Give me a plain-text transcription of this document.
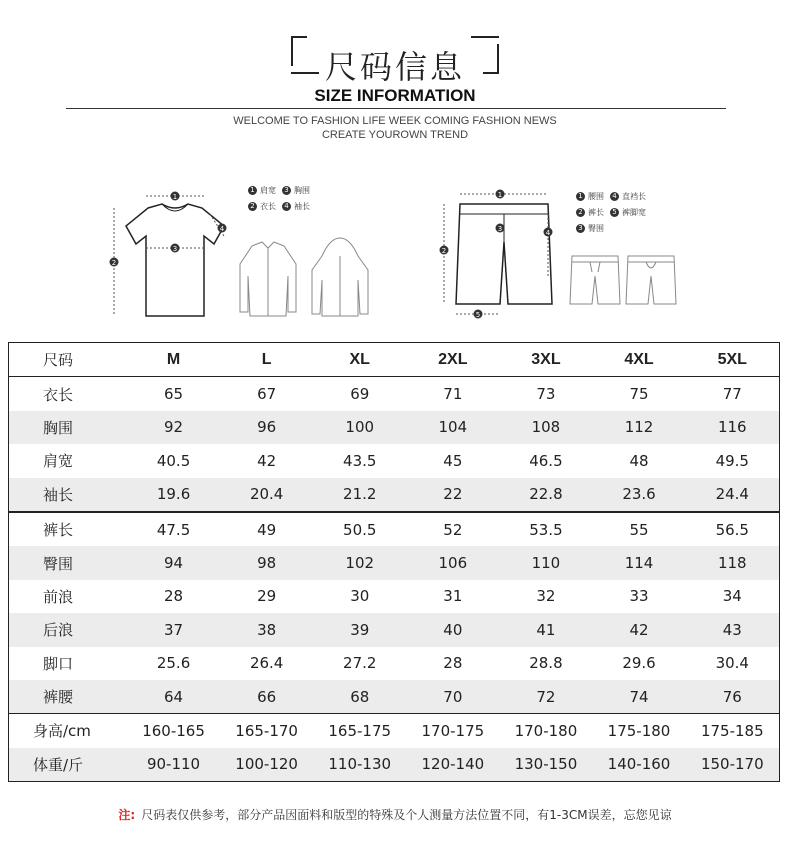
尺码信息
SIZE INFORMATION
WELCOME TO FASHION LIFE WEEK COMING FASHION NEWS
CREATE YOUROWN TREND
1
2
3
4
1 肩宽	3 胸围
2 衣长	4 袖长
1
2
3	4
5
1 腰围	4 直裆长
2 裤长	5 裤脚宽
3 臀围
尺码	M	L	XL	2XL	3XL	4XL	5XL
衣长	65	67	69	71	73	75	77
胸围	92	96	100	104	108	112	116
肩宽	40.5	42	43.5	45	46.5	48	49.5
袖长	19.6	20.4	21.2	22	22.8	23.6	24.4
裤长	47.5	49	50.5	52	53.5	55	56.5
臀围	94	98	102	106	110	114	118
前浪	28	29	30	31	32	33	34
后浪	37	38	39	40	41	42	43
脚口	25.6	26.4	27.2	28	28.8	29.6	30.4
裤腰	64	66	68	70	72	74	76
身高/cm	160-165	165-170	165-175	170-175	170-180	175-180	175-185
体重/斤	90-110	100-120	110-130	120-140	130-150	140-160	150-170
注: 尺码表仅供参考，部分产品因面料和版型的特殊及个人测量方法位置不同，有1-3CM误差，忘您见谅
